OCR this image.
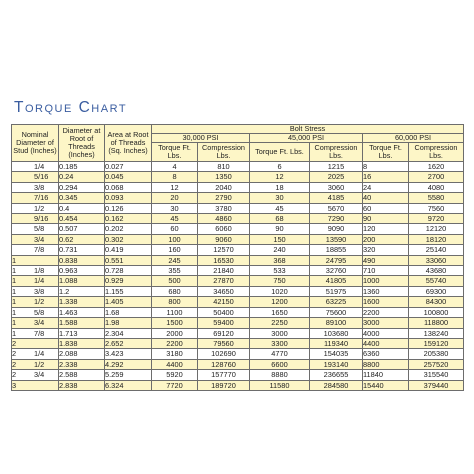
Torque Chart
Nominal Diameter of Stud (Inches)	Diameter at Root of Threads (Inches)	Area at Root of Threads (Sq. Inches)	Bolt Stress					
			30,000 PSI		45,000 PSI		60,000 PSI	
			Torque Ft. Lbs.	Compression Lbs.	Torque Ft. Lbs.	Compression Lbs.	Torque Ft. Lbs.	Compression Lbs.
1/4	0.185	0.027	4	810	6	1215	8	1620
5/16	0.24	0.045	8	1350	12	2025	16	2700
3/8	0.294	0.068	12	2040	18	3060	24	4080
7/16	0.345	0.093	20	2790	30	4185	40	5580
1/2	0.4	0.126	30	3780	45	5670	60	7560
9/16	0.454	0.162	45	4860	68	7290	90	9720
5/8	0.507	0.202	60	6060	90	9090	120	12120
3/4	0.62	0.302	100	9060	150	13590	200	18120
7/8	0.731	0.419	160	12570	240	18855	320	25140
1	0.838	0.551	245	16530	368	24795	490	33060
1 1/8	0.963	0.728	355	21840	533	32760	710	43680
1 1/4	1.088	0.929	500	27870	750	41805	1000	55740
1 3/8	1.2	1.155	680	34650	1020	51975	1360	69300
1 1/2	1.338	1.405	800	42150	1200	63225	1600	84300
1 5/8	1.463	1.68	1100	50400	1650	75600	2200	100800
1 3/4	1.588	1.98	1500	59400	2250	89100	3000	118800
1 7/8	1.713	2.304	2000	69120	3000	103680	4000	138240
2	1.838	2.652	2200	79560	3300	119340	4400	159120
2 1/4	2.088	3.423	3180	102690	4770	154035	6360	205380
2 1/2	2.338	4.292	4400	128760	6600	193140	8800	257520
2 3/4	2.588	5.259	5920	157770	8880	236655	11840	315540
3	2.838	6.324	7720	189720	11580	284580	15440	379440
